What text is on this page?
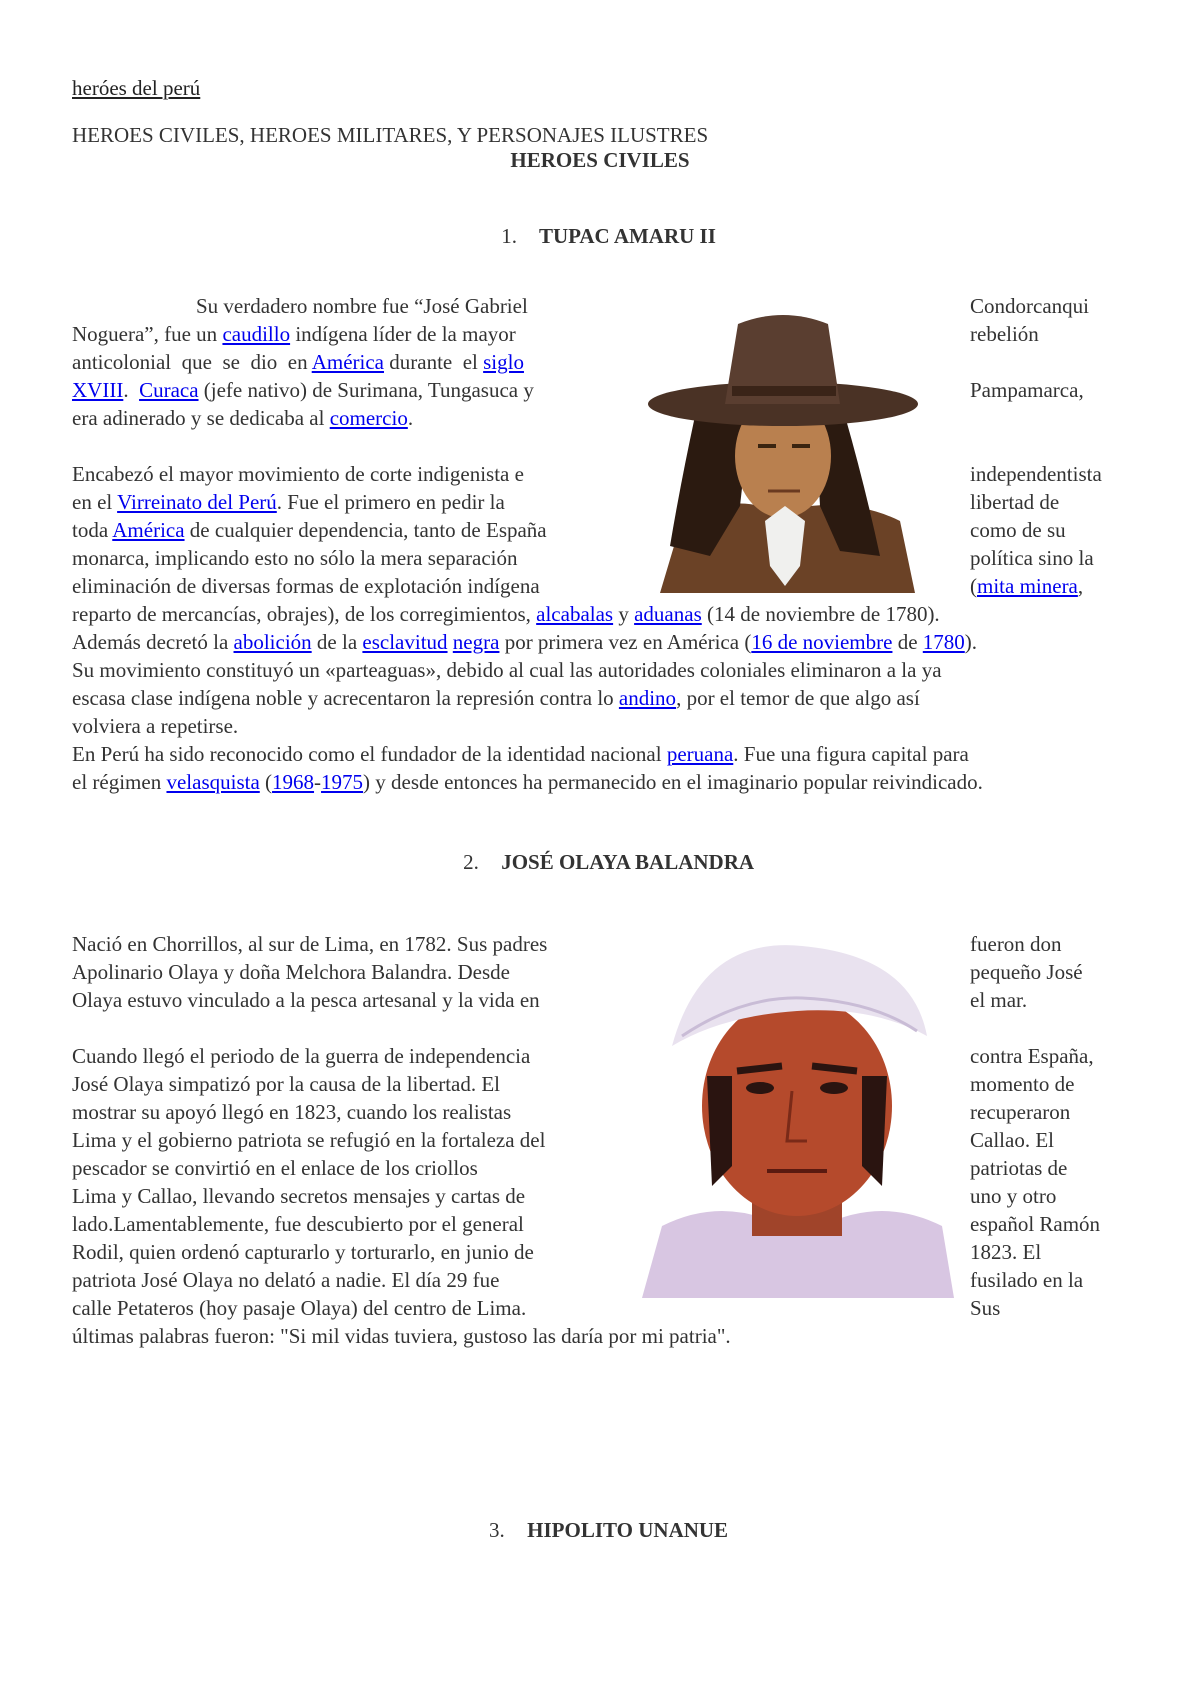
heróes del perú
HEROES CIVILES, HEROES MILITARES, Y PERSONAJES ILUSTRES
HEROES CIVILES
1. TUPAC AMARU II
Su verdadero nombre fue “José Gabriel
Noguera”, fue un caudillo indígena líder de la mayor
anticolonial  que  se  dio  en América durante  el siglo
XVIII.  Curaca (jefe nativo) de Surimana, Tungasuca y
era adinerado y se dedicaba al comercio.
Encabezó el mayor movimiento de corte indigenista e
en el Virreinato del Perú. Fue el primero en pedir la
toda América de cualquier dependencia, tanto de España
monarca, implicando esto no sólo la mera separación
eliminación de diversas formas de explotación indígena
Condorcanqui
rebelión
Pampamarca,
independentista
libertad de
como de su
política sino la
(mita minera,
reparto de mercancías, obrajes), de los corregimientos, alcabalas y aduanas (14 de noviembre de 1780).
Además decretó la abolición de la esclavitud negra por primera vez en América (16 de noviembre de 1780).
Su movimiento constituyó un «parteaguas», debido al cual las autoridades coloniales eliminaron a la ya
escasa clase indígena noble y acrecentaron la represión contra lo andino, por el temor de que algo así
volviera a repetirse.
En Perú ha sido reconocido como el fundador de la identidad nacional peruana. Fue una figura capital para
el régimen velasquista (1968-1975) y desde entonces ha permanecido en el imaginario popular reivindicado.
2. JOSÉ OLAYA BALANDRA
Nació en Chorrillos, al sur de Lima, en 1782. Sus padres
Apolinario Olaya y doña Melchora Balandra. Desde
Olaya estuvo vinculado a la pesca artesanal y la vida en
Cuando llegó el periodo de la guerra de independencia
José Olaya simpatizó por la causa de la libertad. El
mostrar su apoyó llegó en 1823, cuando los realistas
Lima y el gobierno patriota se refugió en la fortaleza del
pescador se convirtió en el enlace de los criollos
Lima y Callao, llevando secretos mensajes y cartas de
lado.Lamentablemente, fue descubierto por el general
Rodil, quien ordenó capturarlo y torturarlo, en junio de
patriota José Olaya no delató a nadie. El día 29 fue
calle Petateros (hoy pasaje Olaya) del centro de Lima.
fueron don
pequeño José
el mar.
contra España,
momento de
recuperaron
Callao. El
patriotas de
uno y otro
español Ramón
1823. El
fusilado en la
Sus
últimas palabras fueron: "Si mil vidas tuviera, gustoso las daría por mi patria".
3. HIPOLITO UNANUE
